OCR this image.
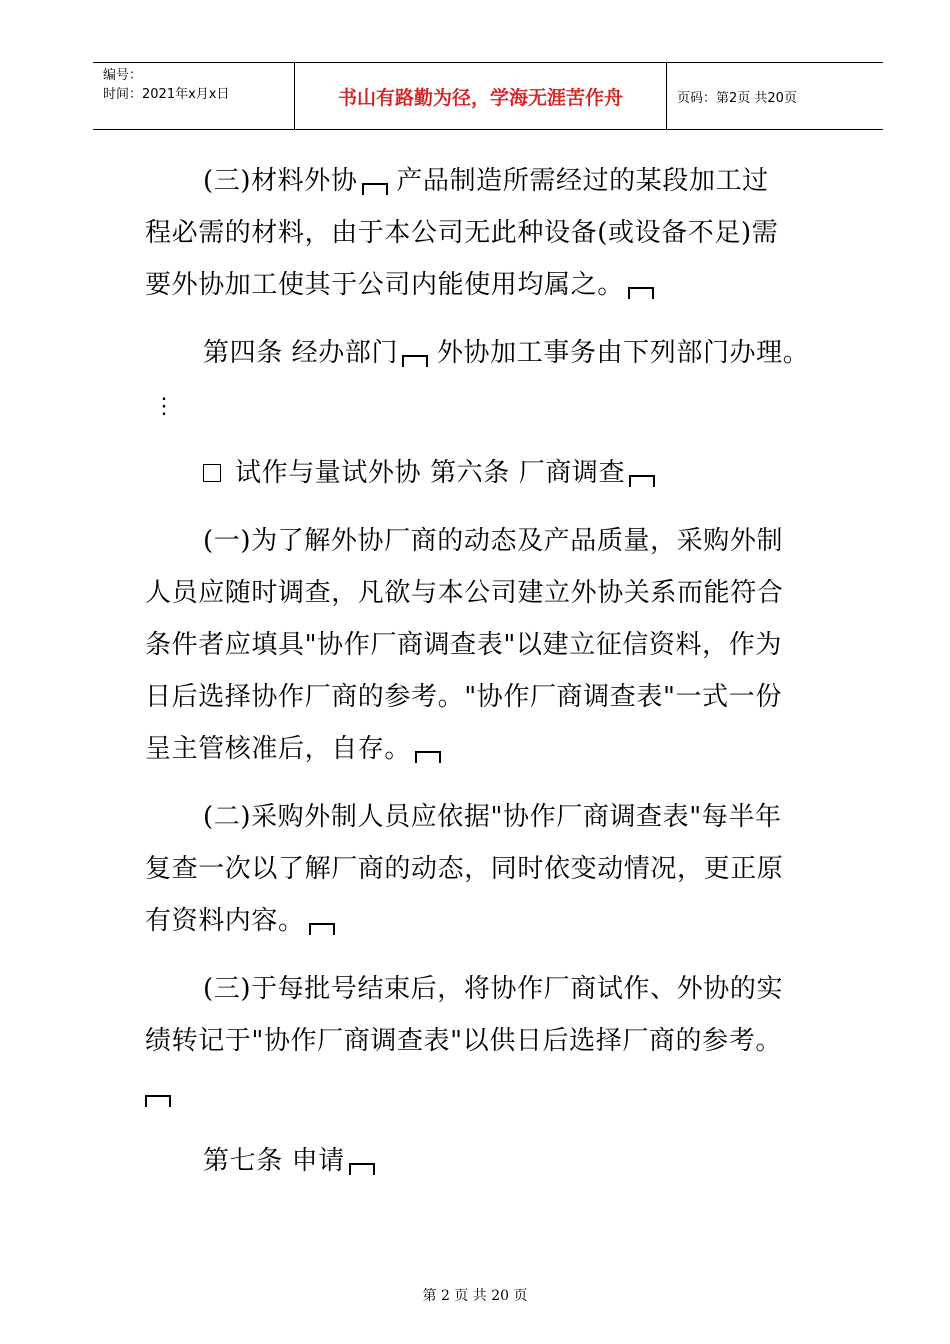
编号：
时间：2021年x月x日	书山有路勤为径，学海无涯苦作舟	页码：第2页 共20页

(三)材料外协 产品制造所需经过的某段加工过

程必需的材料，由于本公司无此种设备(或设备不足)需

要外协加工使其于公司内能使用均属之。

第四条 经办部门 外协加工事务由下列部门办理。

⋮

试作与量试外协 第六条 厂商调查

(一)为了解外协厂商的动态及产品质量，采购外制

人员应随时调查，凡欲与本公司建立外协关系而能符合

条件者应填具"协作厂商调查表"以建立征信资料，作为

日后选择协作厂商的参考。"协作厂商调查表"一式一份

呈主管核准后，自存。

(二)采购外制人员应依据"协作厂商调查表"每半年

复查一次以了解厂商的动态，同时依变动情况，更正原

有资料内容。

(三)于每批号结束后，将协作厂商试作、外协的实

绩转记于"协作厂商调查表"以供日后选择厂商的参考。

第七条 申请

第 2 页 共 20 页
